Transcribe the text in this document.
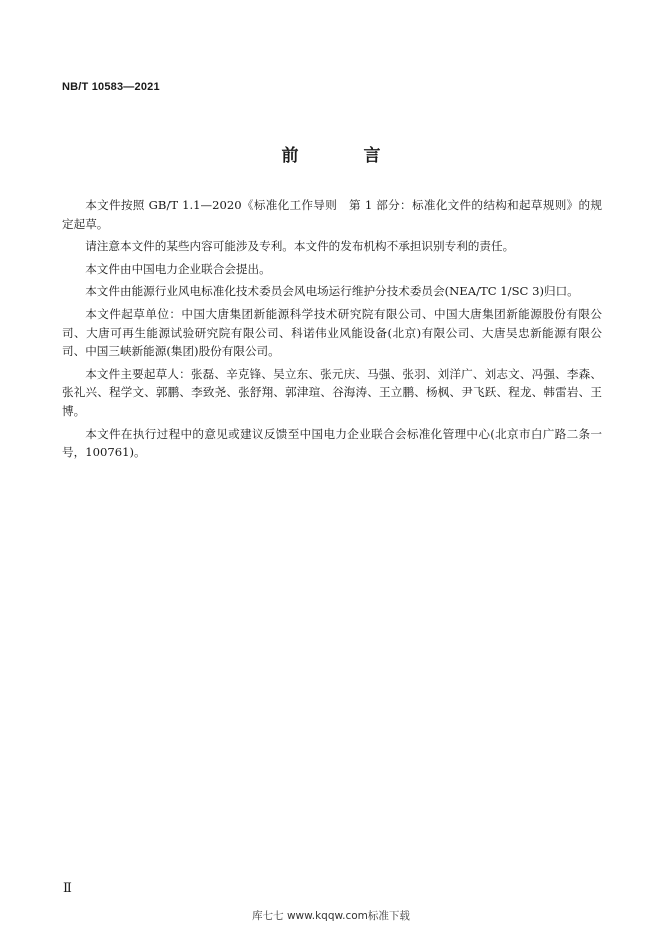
NB/T 10583—2021
前　言

本文件按照 GB/T 1.1—2020《标准化工作导则　第 1 部分：标准化文件的结构和起草规则》的规定起草。

请注意本文件的某些内容可能涉及专利。本文件的发布机构不承担识别专利的责任。

本文件由中国电力企业联合会提出。

本文件由能源行业风电标准化技术委员会风电场运行维护分技术委员会(NEA/TC 1/SC 3)归口。

本文件起草单位：中国大唐集团新能源科学技术研究院有限公司、中国大唐集团新能源股份有限公司、大唐可再生能源试验研究院有限公司、科诺伟业风能设备(北京)有限公司、大唐吴忠新能源有限公司、中国三峡新能源(集团)股份有限公司。

本文件主要起草人：张磊、辛克锋、吴立东、张元庆、马强、张羽、刘洋广、刘志文、冯强、李森、张礼兴、程学文、郭鹏、李致尧、张舒翔、郭津瑄、谷海涛、王立鹏、杨枫、尹飞跃、程龙、韩雷岩、王博。

本文件在执行过程中的意见或建议反馈至中国电力企业联合会标准化管理中心(北京市白广路二条一号，100761)。

Ⅱ
库七七 www.kqqw.com标准下载
